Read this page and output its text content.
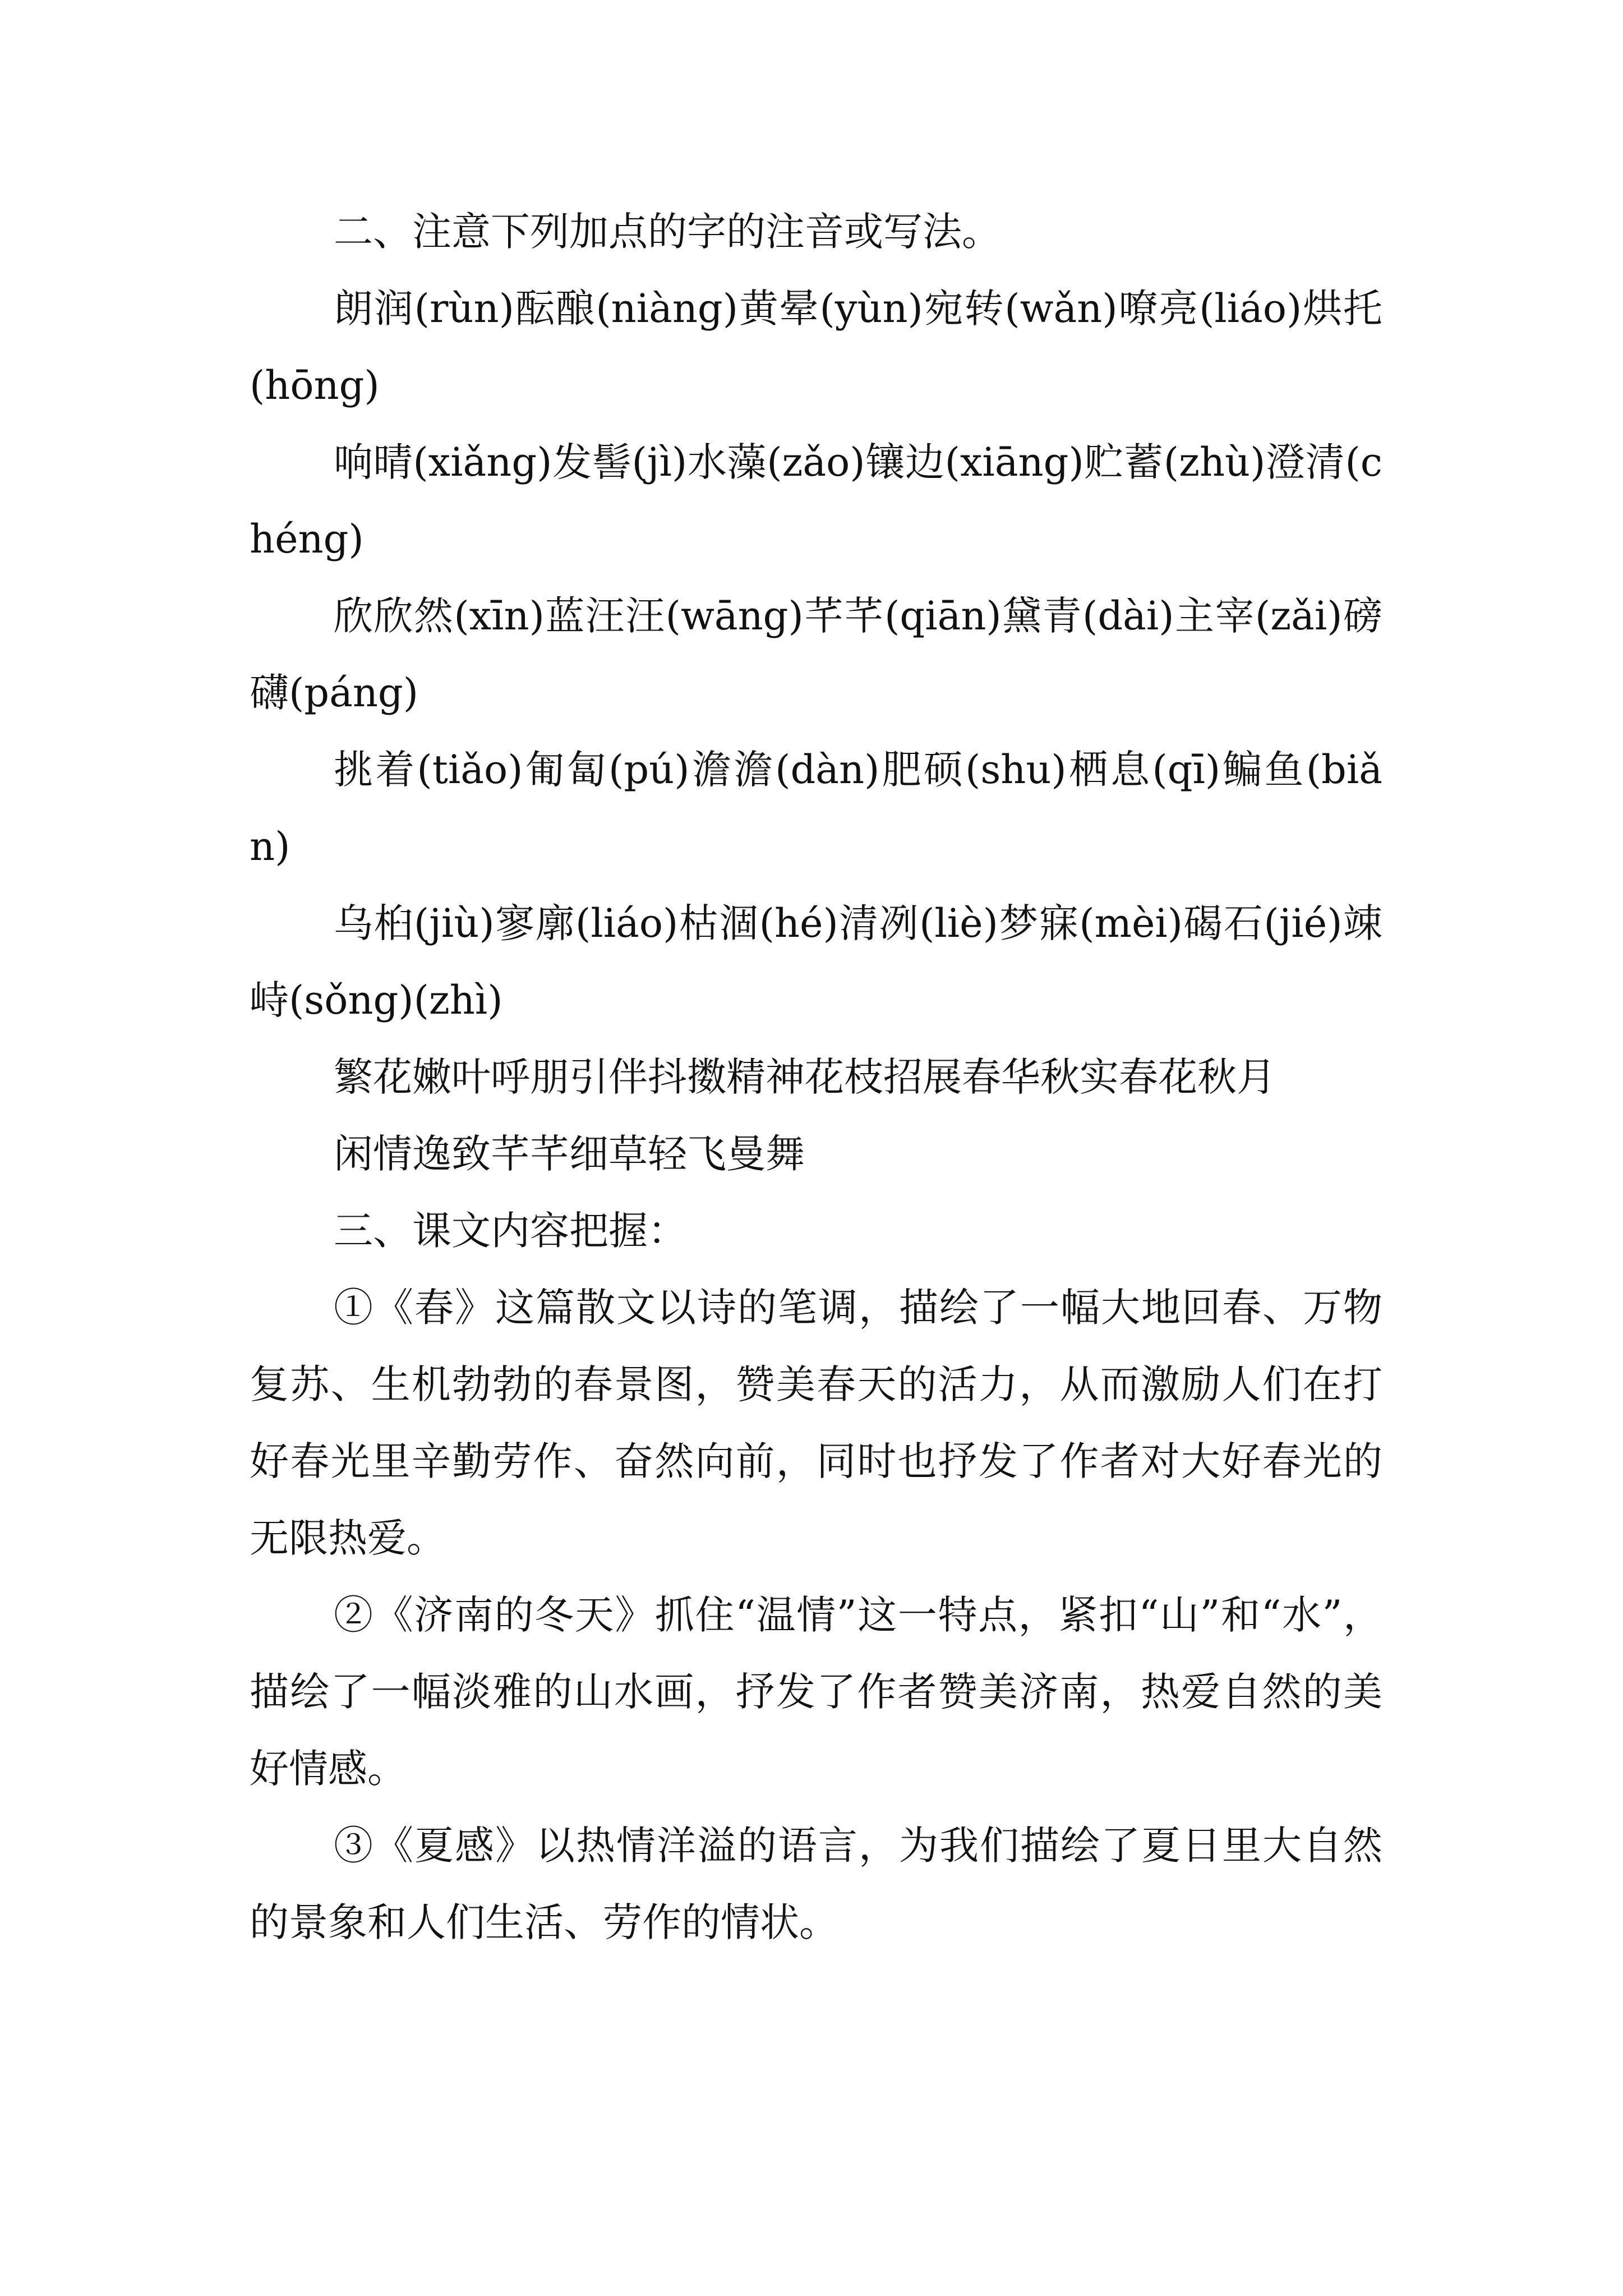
二、注意下列加点的字的注音或写法。

朗润(rùn)酝酿(niàng)黄晕(yùn)宛转(wǎn)嘹亮(liáo)烘托(hōng)

响晴(xiǎng)发髻(jì)水藻(zǎo)镶边(xiāng)贮蓄(zhù)澄清(chéng)

欣欣然(xīn)蓝汪汪(wāng)芊芊(qiān)黛青(dài)主宰(zǎi)磅礴(páng)

挑着(tiǎo)匍匐(pú)澹澹(dàn)肥硕(shu)栖息(qī)鳊鱼(biǎn)

乌桕(jiù)寥廓(liáo)枯涸(hé)清冽(liè)梦寐(mèi)碣石(jié)竦峙(sǒng)(zhì)

繁花嫩叶呼朋引伴抖擞精神花枝招展春华秋实春花秋月

闲情逸致芊芊细草轻飞曼舞

三、课文内容把握：

①《春》这篇散文以诗的笔调，描绘了一幅大地回春、万物复苏、生机勃勃的春景图，赞美春天的活力，从而激励人们在打好春光里辛勤劳作、奋然向前，同时也抒发了作者对大好春光的无限热爱。

②《济南的冬天》抓住“温情”这一特点，紧扣“山”和“水”，描绘了一幅淡雅的山水画，抒发了作者赞美济南，热爱自然的美好情感。

③《夏感》以热情洋溢的语言，为我们描绘了夏日里大自然的景象和人们生活、劳作的情状。
